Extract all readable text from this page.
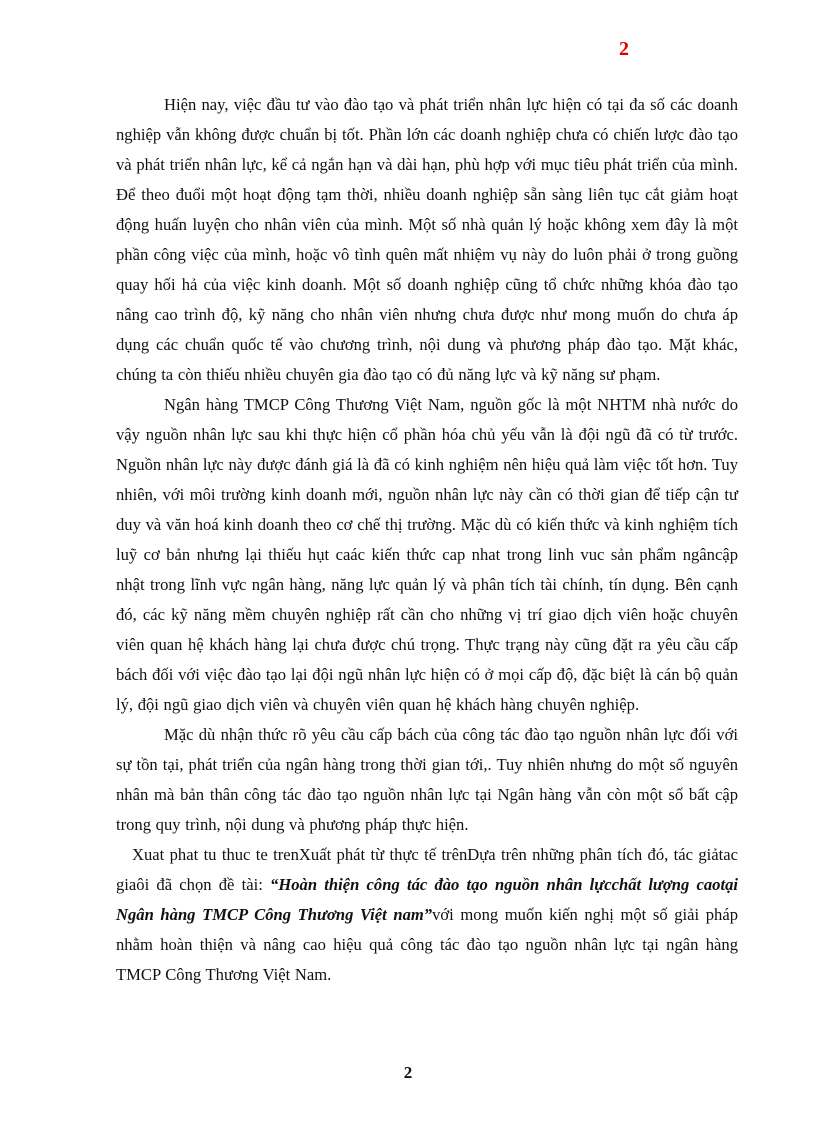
2

Hiện nay, việc đầu tư vào đào tạo và phát triển nhân lực hiện có tại đa số các doanh nghiệp vẫn không được chuẩn bị tốt. Phần lớn các doanh nghiệp chưa có chiến lược đào tạo và phát triển nhân lực, kể cả ngắn hạn và dài hạn, phù hợp với mục tiêu phát triển của mình. Để theo đuổi một hoạt động tạm thời, nhiều doanh nghiệp sẵn sàng liên tục cắt giảm hoạt động huấn luyện cho nhân viên của mình. Một số nhà quản lý hoặc không xem đây là một phần công việc của mình, hoặc vô tình quên mất nhiệm vụ này do luôn phải ở trong guồng quay hối hả của việc kinh doanh. Một số doanh nghiệp cũng tổ chức những khóa đào tạo nâng cao trình độ, kỹ năng cho nhân viên nhưng chưa được như mong muốn do chưa áp dụng các chuẩn quốc tế vào chương trình, nội dung và phương pháp đào tạo. Mặt khác, chúng ta còn thiếu nhiều chuyên gia đào tạo có đủ năng lực và kỹ năng sư phạm.

Ngân hàng TMCP Công Thương Việt Nam, nguồn gốc là một NHTM nhà nước do vậy nguồn nhân lực sau khi thực hiện cổ phần hóa chủ yếu vẫn là đội ngũ đã có từ trước. Nguồn nhân lực này được đánh giá là đã có kinh nghiệm nên hiệu quả làm việc tốt hơn. Tuy nhiên, với môi trường kinh doanh mới, nguồn nhân lực này cần có thời gian để tiếp cận tư duy và văn hoá kinh doanh theo cơ chế thị trường. Mặc dù có kiến thức và kinh nghiệm tích luỹ cơ bản nhưng lại thiếu hụt caác kiến thức cap nhat trong linh vuc sản phẩm ngâncập nhật trong lĩnh vực ngân hàng, năng lực quản lý và phân tích tài chính, tín dụng. Bên cạnh đó, các kỹ năng mềm chuyên nghiệp rất cần cho những vị trí giao dịch viên hoặc chuyên viên quan hệ khách hàng lại chưa được chú trọng. Thực trạng này cũng đặt ra yêu cầu cấp bách đối với việc đào tạo lại đội ngũ nhân lực hiện có ở mọi cấp độ, đặc biệt là cán bộ quản lý, đội ngũ giao dịch viên và chuyên viên quan hệ khách hàng chuyên nghiệp.

Mặc dù nhận thức rõ yêu cầu cấp bách của công tác đào tạo nguồn nhân lực đối với sự tồn tại, phát triển của ngân hàng trong thời gian tới,. Tuy nhiên nhưng do một số nguyên nhân mà bản thân công tác đào tạo nguồn nhân lực tại Ngân hàng vẫn còn một số bất cập trong quy trình, nội dung và phương pháp thực hiện.

Xuat phat tu thuc te trenXuất phát từ thực tế trênDựa trên những phân tích đó, tác giảtac giaôi đã chọn đề tài: “Hoàn thiện công tác đào tạo nguồn nhân lựcchất lượng caotại Ngân hàng TMCP Công Thương Việt nam”với mong muốn kiến nghị một số giải pháp nhằm hoàn thiện và nâng cao hiệu quả công tác đào tạo nguồn nhân lực tại ngân hàng TMCP Công Thương Việt Nam.

2
